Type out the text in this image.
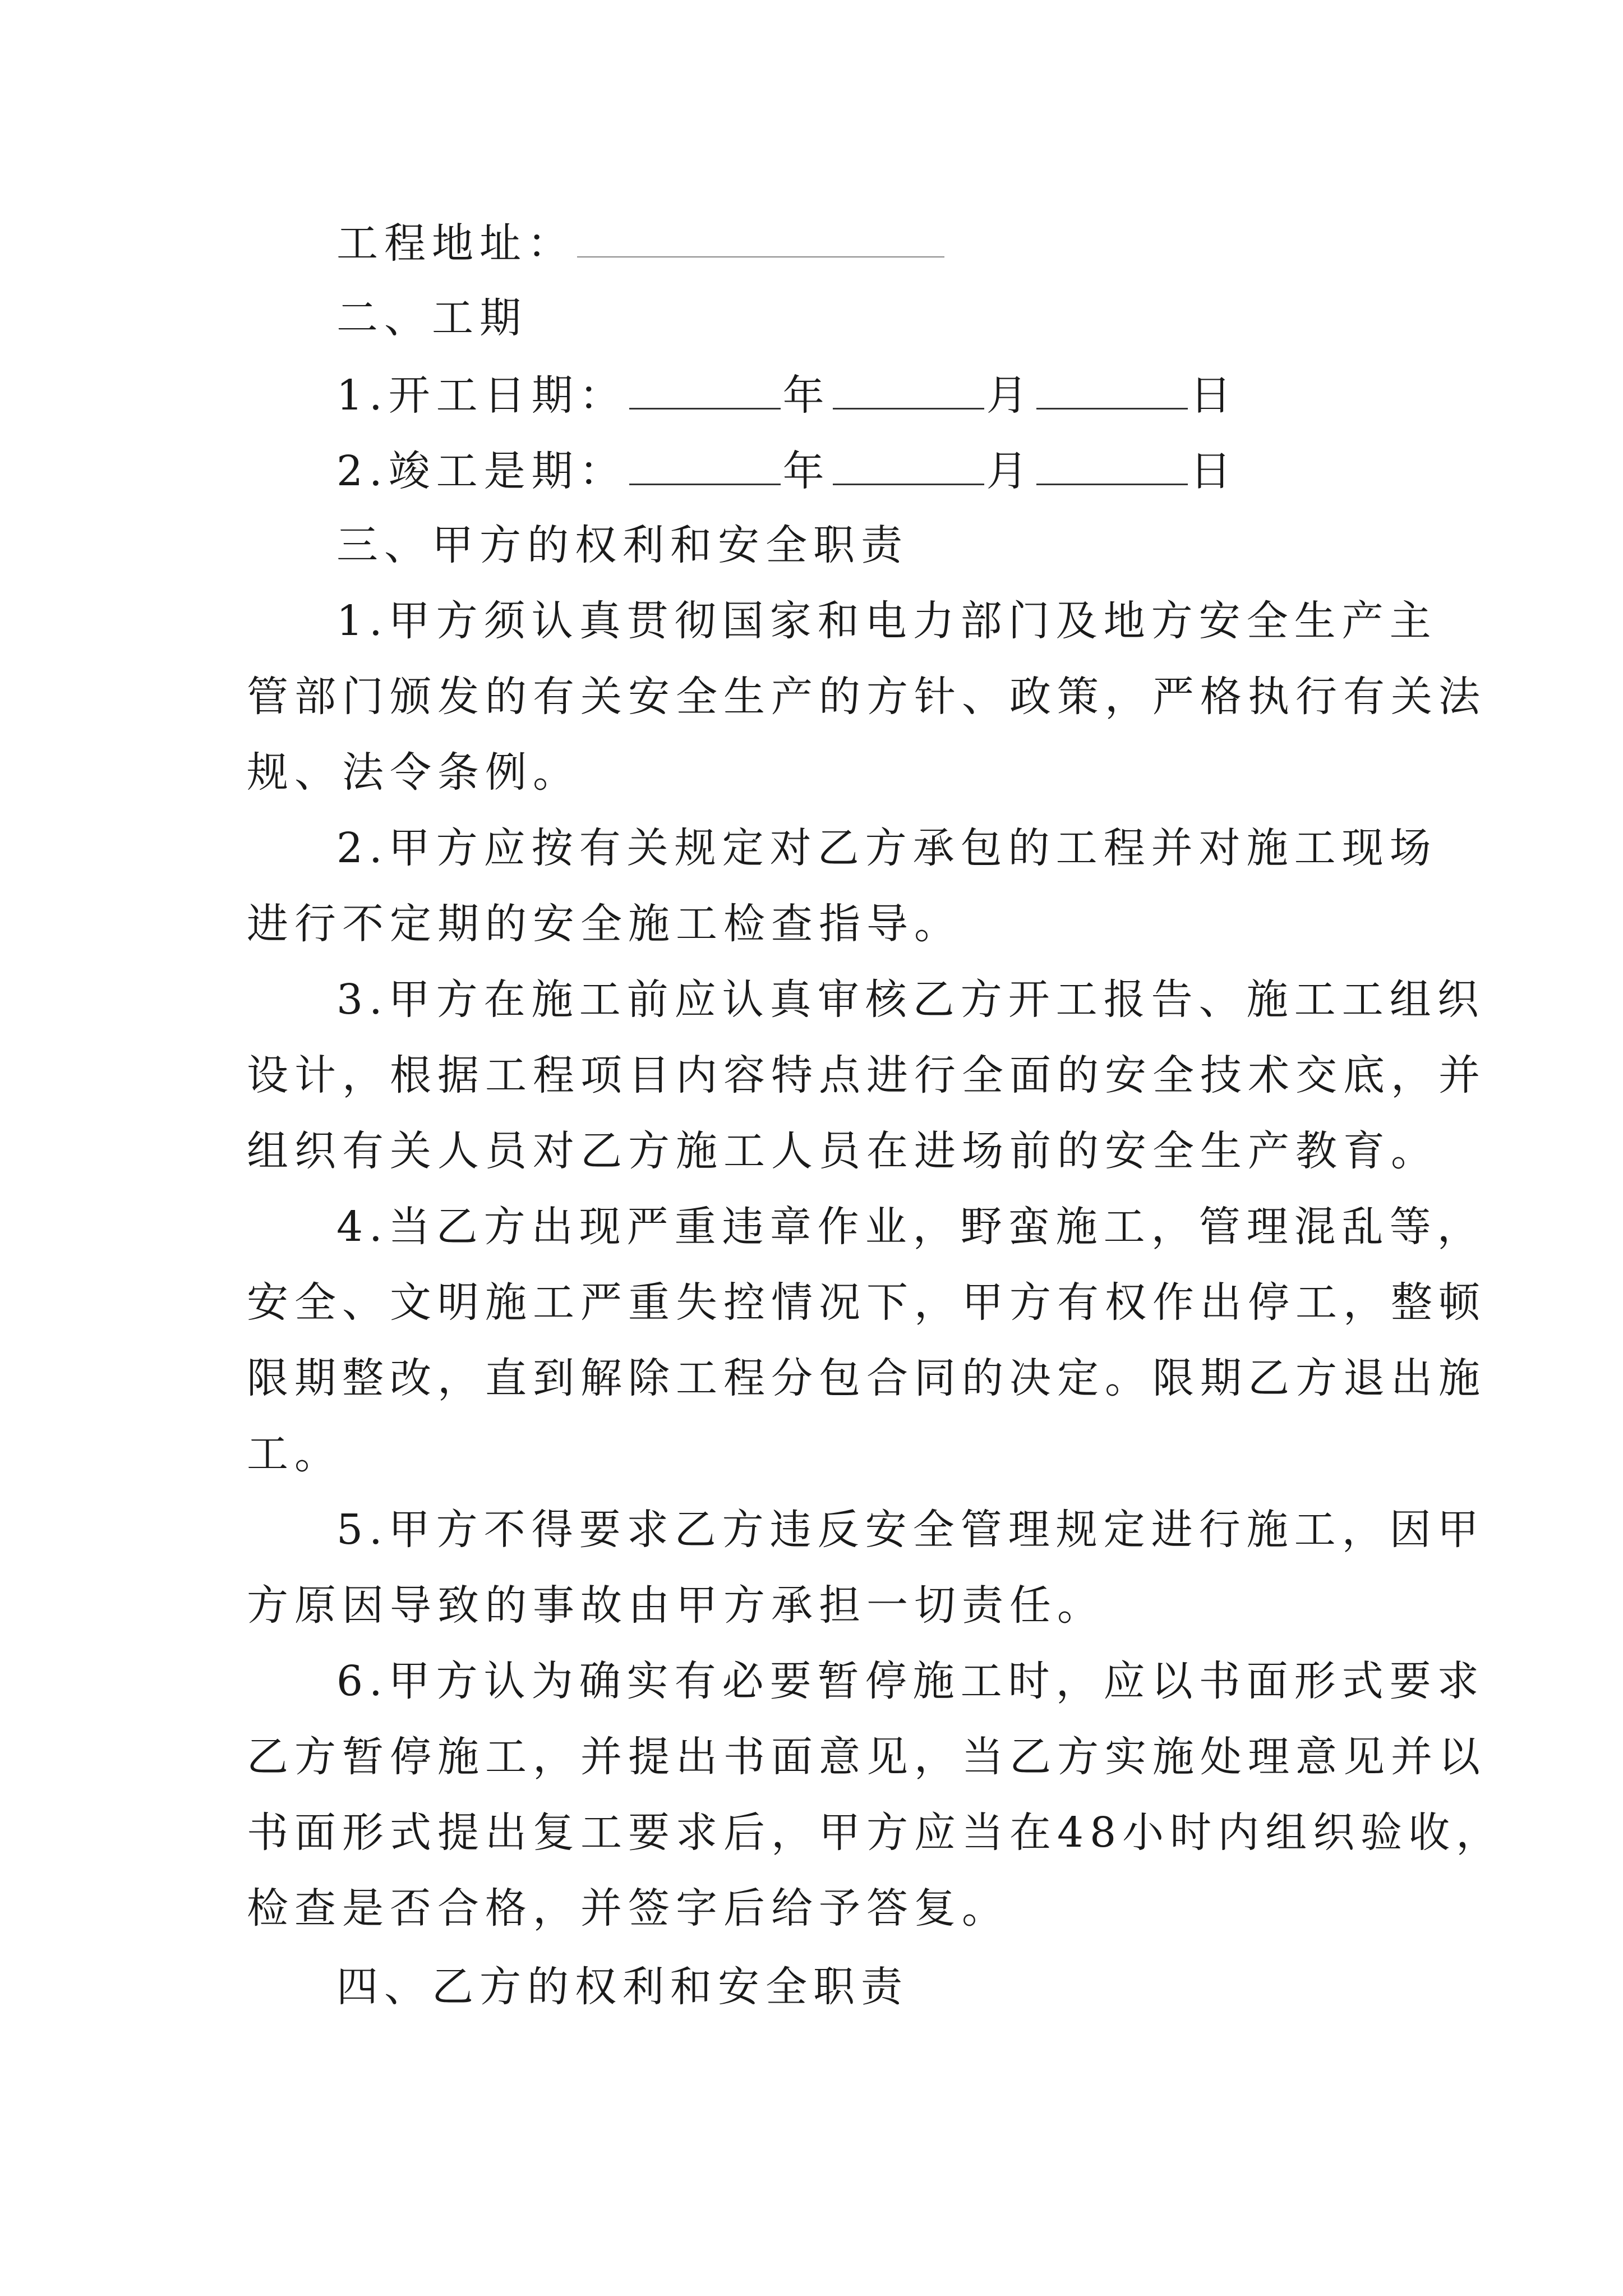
工程地址：
二、工期
1.开工日期：	年	月	日
2.竣工是期：	年	月	日
三、甲方的权利和安全职责
1.甲方须认真贯彻国家和电力部门及地方安全生产主
管部门颁发的有关安全生产的方针、政策，严格执行有关法
规、法令条例。
2.甲方应按有关规定对乙方承包的工程并对施工现场
进行不定期的安全施工检查指导。
3.甲方在施工前应认真审核乙方开工报告、施工工组织
设计，根据工程项目内容特点进行全面的安全技术交底，并
组织有关人员对乙方施工人员在进场前的安全生产教育。
4.当乙方出现严重违章作业，野蛮施工，管理混乱等，
安全、文明施工严重失控情况下，甲方有权作出停工，整顿
限期整改，直到解除工程分包合同的决定。限期乙方退出施
工。
5.甲方不得要求乙方违反安全管理规定进行施工，因甲
方原因导致的事故由甲方承担一切责任。
6.甲方认为确实有必要暂停施工时，应以书面形式要求
乙方暂停施工，并提出书面意见，当乙方实施处理意见并以
书面形式提出复工要求后，甲方应当在48小时内组织验收，
检查是否合格，并签字后给予答复。
四、乙方的权利和安全职责
